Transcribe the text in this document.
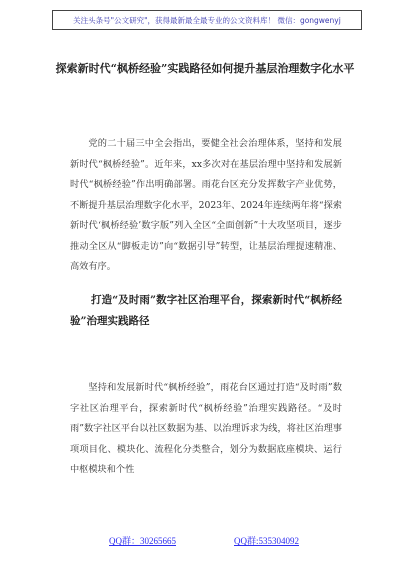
关注头条号"公文研究"，获得最新最全最专业的公文资料库！ 微信：gongwenyj
探索新时代“枫桥经验”实践路径如何提升基层治理数字化水平
党的二十届三中全会指出，要健全社会治理体系，坚持和发展新时代“枫桥经验”。近年来，xx多次对在基层治理中坚持和发展新时代“枫桥经验”作出明确部署。雨花台区充分发挥数字产业优势，不断提升基层治理数字化水平，2023年、2024年连续两年将“探索新时代‘枫桥经验’数字版”列入全区“全面创新”十大攻坚项目，逐步推动全区从“脚板走访”向“数据引导”转型，让基层治理提速精准、高效有序。
打造“及时雨”数字社区治理平台，探索新时代“枫桥经验”治理实践路径
坚持和发展新时代“枫桥经验”，雨花台区通过打造“及时雨”数字社区治理平台，探索新时代“枫桥经验”治理实践路径。“及时雨”数字社区平台以社区数据为基、以治理诉求为线，将社区治理事项项目化、模块化、流程化分类整合，划分为数据底座模块、运行中枢模块和个性
QQ群：30265665	QQ群:535304092
